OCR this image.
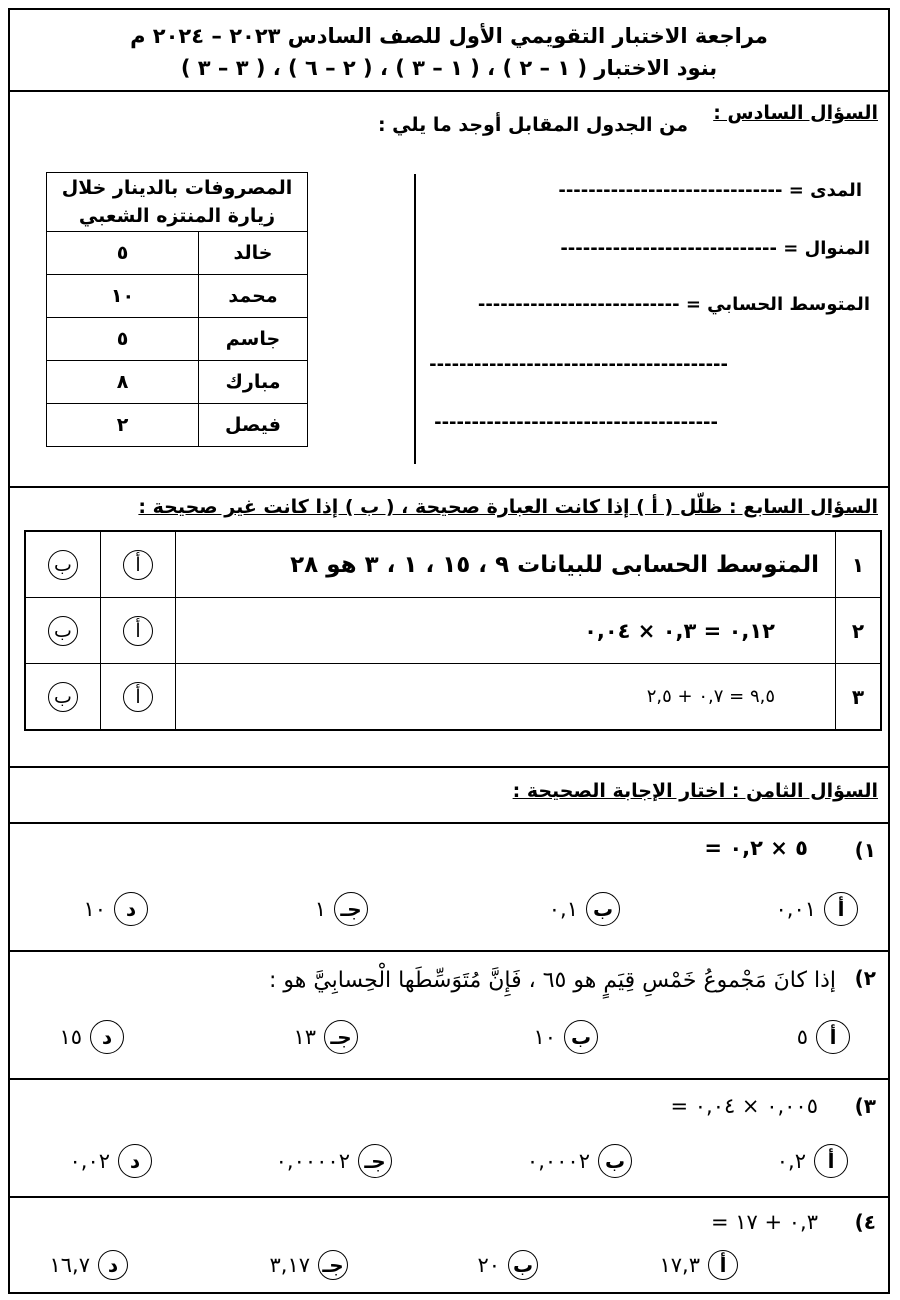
مراجعة الاختبار التقويمي الأول للصف السادس ٢٠٢٣ – ٢٠٢٤ م
بنود الاختبار ( ١ – ٢ ) ، ( ١ – ٣ ) ، ( ٢ – ٦ ) ، ( ٣ – ٣ )
السؤال السادس :
من الجدول المقابل أوجد ما يلي :
المصروفات بالدينار خلال زيارة المنتزه الشعبي	
خالد	٥
محمد	١٠
جاسم	٥
مبارك	٨
فيصل	٢
المدى = ------------------------------
المنوال = -----------------------------
المتوسط الحسابي = ---------------------------
----------------------------------------
--------------------------------------
السؤال السابع : ظلّل ( أ ) إذا كانت العبارة صحيحة ، ( ب ) إذا كانت غير صحيحة :
١	المتوسط الحسابى للبيانات ٩ ، ١٥ ، ١ ، ٣ هو ٢٨	أ	ب
٢	٠,١٢ = ٠,٣ × ٠,٠٤	أ	ب
٣	٩,٥ = ٠,٧ + ٢,٥	أ	ب
السؤال الثامن : اختار الإجابة الصحيحة :
١)
= ٥ × ٠,٢
أ
٠,٠١
ب
٠,١
جـ
١
د
١٠
٢)
إذا كانَ مَجْموعُ خَمْسِ قِيَمٍ هو ٦٥ ، فَإِنَّ مُتَوَسِّطَها الْحِسابِيَّ هو :
أ
٥
ب
١٠
جـ
١٣
د
١٥
٣)
= ٠,٠٠٥ × ٠,٠٤
أ
٠,٢
ب
٠,٠٠٠٢
جـ
٠,٠٠٠٠٢
د
٠,٠٢
٤)
= ٠,٣ + ١٧
أ
١٧,٣
ب
٢٠
جـ
٣,١٧
د
١٦,٧
